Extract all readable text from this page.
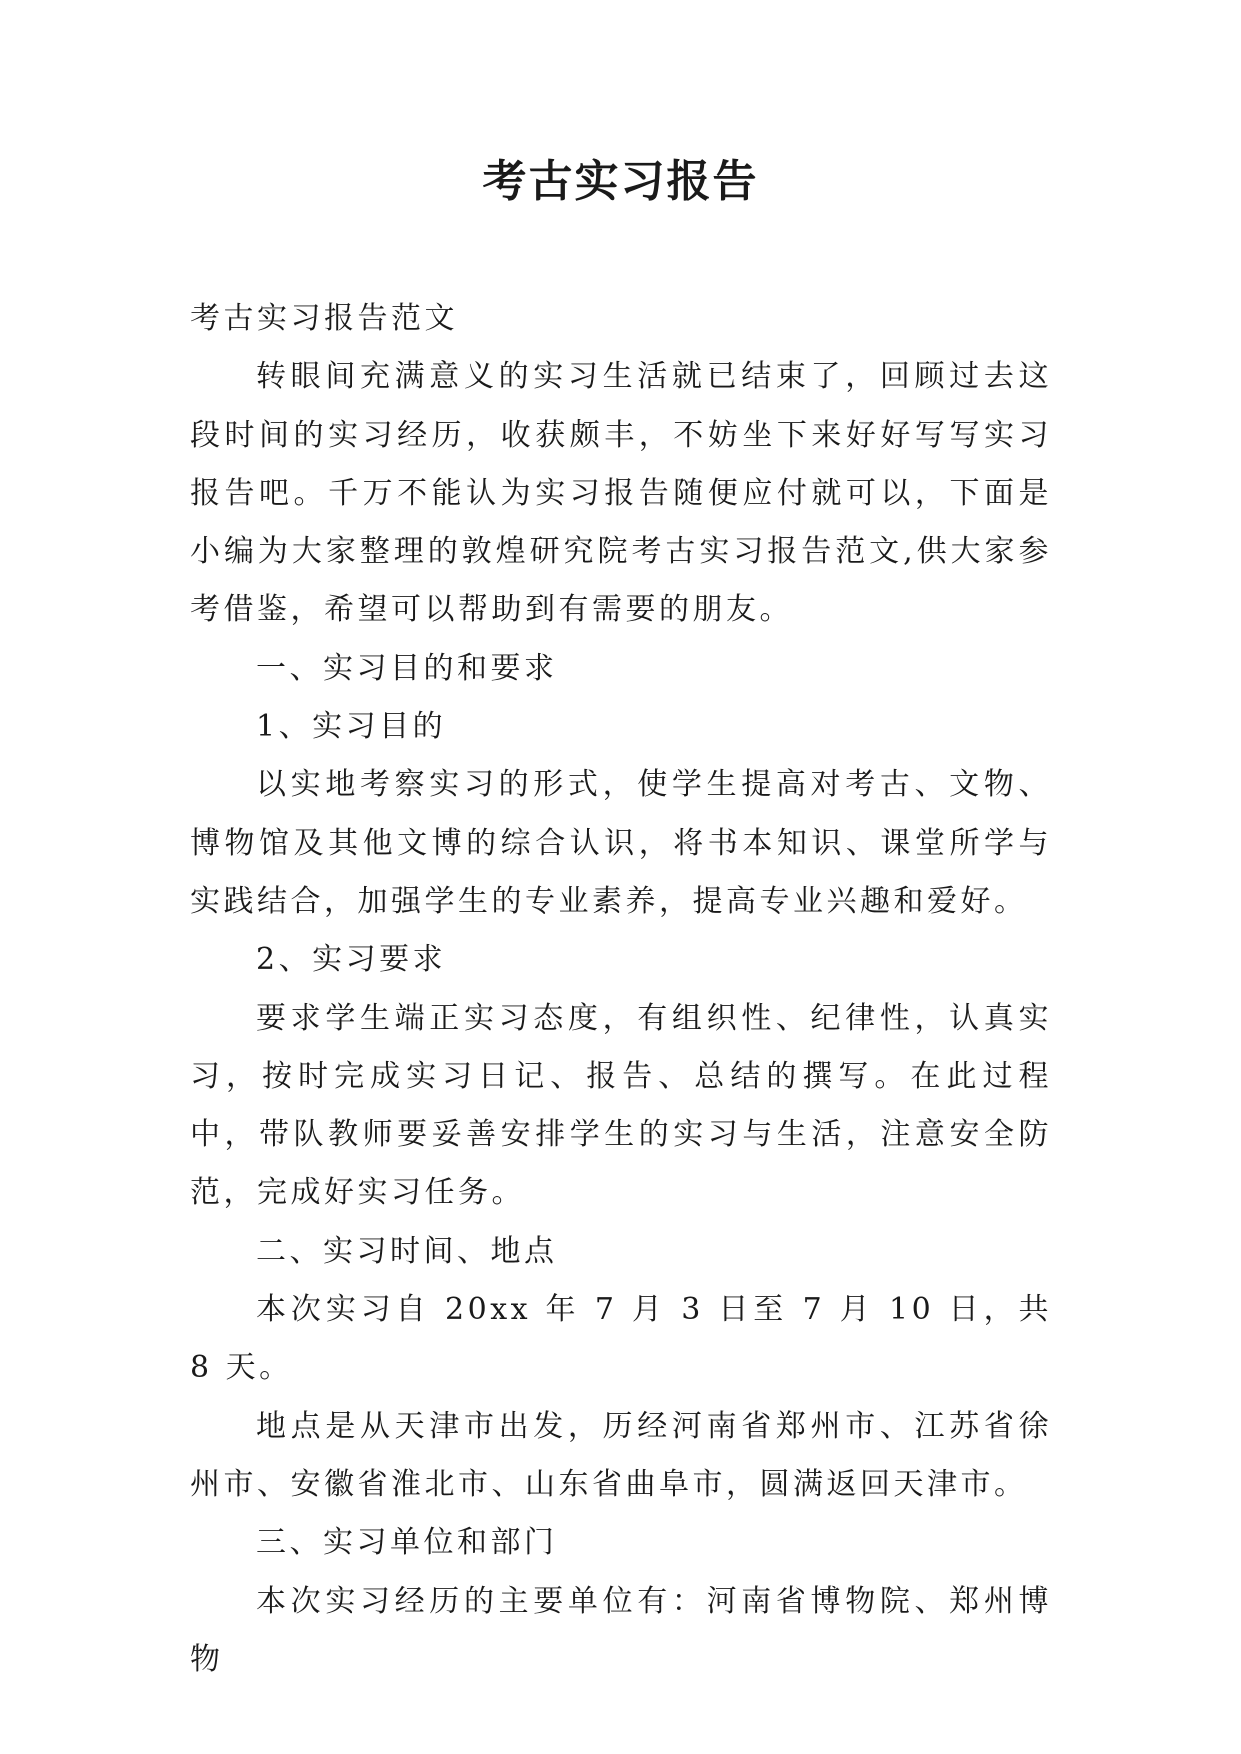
考古实习报告

考古实习报告范文

转眼间充满意义的实习生活就已结束了，回顾过去这段时间的实习经历，收获颇丰，不妨坐下来好好写写实习报告吧。千万不能认为实习报告随便应付就可以，下面是小编为大家整理的敦煌研究院考古实习报告范文,供大家参考借鉴，希望可以帮助到有需要的朋友。

一、实习目的和要求

1、实习目的

以实地考察实习的形式，使学生提高对考古、文物、博物馆及其他文博的综合认识，将书本知识、课堂所学与实践结合，加强学生的专业素养，提高专业兴趣和爱好。

2、实习要求

要求学生端正实习态度，有组织性、纪律性，认真实习，按时完成实习日记、报告、总结的撰写。在此过程中，带队教师要妥善安排学生的实习与生活，注意安全防范，完成好实习任务。

二、实习时间、地点

本次实习自 20xx 年 7 月 3 日至 7 月 10 日，共 8 天。

地点是从天津市出发，历经河南省郑州市、江苏省徐州市、安徽省淮北市、山东省曲阜市，圆满返回天津市。

三、实习单位和部门

本次实习经历的主要单位有：河南省博物院、郑州博物
